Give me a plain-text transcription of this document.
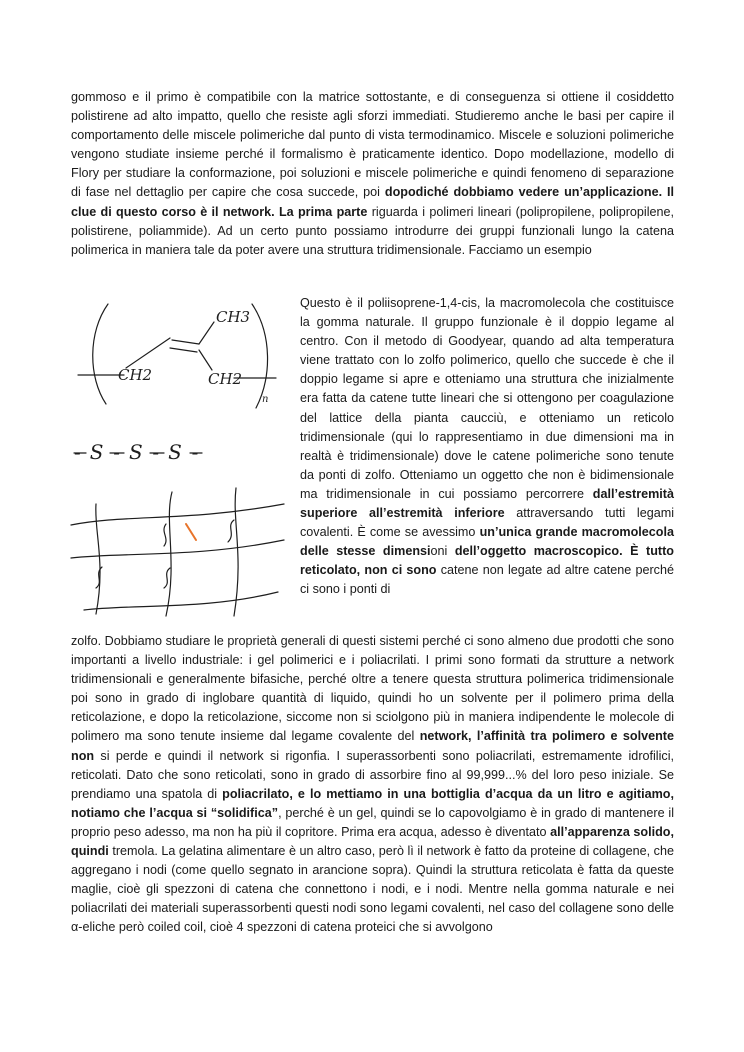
gommoso e il primo è compatibile con la matrice sottostante, e di conseguenza si ottiene il cosiddetto polistirene ad alto impatto, quello che resiste agli sforzi immediati. Studieremo anche le basi per capire il comportamento delle miscele polimeriche dal punto di vista termodinamico. Miscele e soluzioni polimeriche vengono studiate insieme perché il formalismo è praticamente identico. Dopo modellazione, modello di Flory per studiare la conformazione, poi soluzioni e miscele polimeriche e quindi fenomeno di separazione di fase nel dettaglio per capire che cosa succede, poi dopodiché dobbiamo vedere un’applicazione. Il clue di questo corso è il network. La prima parte riguarda i polimeri lineari (polipropilene, polipropilene, polistirene, poliammide). Ad un certo punto possiamo introdurre dei gruppi funzionali lungo la catena polimerica in maniera tale da poter avere una struttura tridimensionale. Facciamo un esempio

CH3
CH2	CH2
n
-S-S-S-

Questo è il poliisoprene-1,4-cis, la macromolecola che costituisce la gomma naturale. Il gruppo funzionale è il doppio legame al centro. Con il metodo di Goodyear, quando ad alta temperatura viene trattato con lo zolfo polimerico, quello che succede è che il doppio legame si apre e otteniamo una struttura che inizialmente era fatta da catene tutte lineari che si ottengono per coagulazione del lattice della pianta caucciù, e otteniamo un reticolo tridimensionale (qui lo rappresentiamo in due dimensioni ma in realtà è tridimensionale) dove le catene polimeriche sono tenute da ponti di zolfo. Otteniamo un oggetto che non è bidimensionale ma tridimensionale in cui possiamo percorrere dall’estremità superiore all’estremità inferiore attraversando tutti legami covalenti. È come se avessimo un’unica grande macromolecola delle stesse dimensioni dell’oggetto macroscopico. È tutto reticolato, non ci sono catene non legate ad altre catene perché ci sono i ponti di

zolfo. Dobbiamo studiare le proprietà generali di questi sistemi perché ci sono almeno due prodotti che sono importanti a livello industriale: i gel polimerici e i poliacrilati. I primi sono formati da strutture a network tridimensionali e generalmente bifasiche, perché oltre a tenere questa struttura polimerica tridimensionale poi sono in grado di inglobare quantità di liquido, quindi ho un solvente per il polimero prima della reticolazione, e dopo la reticolazione, siccome non si sciolgono più in maniera indipendente le molecole di polimero ma sono tenute insieme dal legame covalente del network, l’affinità tra polimero e solvente non si perde e quindi il network si rigonfia. I superassorbenti sono poliacrilati, estremamente idrofilici, reticolati. Dato che sono reticolati, sono in grado di assorbire fino al 99,999...% del loro peso iniziale. Se prendiamo una spatola di poliacrilato, e lo mettiamo in una bottiglia d’acqua da un litro e agitiamo, notiamo che l’acqua si “solidifica”, perché è un gel, quindi se lo capovolgiamo è in grado di mantenere il proprio peso adesso, ma non ha più il copritore. Prima era acqua, adesso è diventato all’apparenza solido, quindi tremola. La gelatina alimentare è un altro caso, però lì il network è fatto da proteine di collagene, che aggregano i nodi (come quello segnato in arancione sopra). Quindi la struttura reticolata è fatta da queste maglie, cioè gli spezzoni di catena che connettono i nodi, e i nodi. Mentre nella gomma naturale e nei poliacrilati dei materiali superassorbenti questi nodi sono legami covalenti, nel caso del collagene sono delle α-eliche però coiled coil, cioè 4 spezzoni di catena proteici che si avvolgono
